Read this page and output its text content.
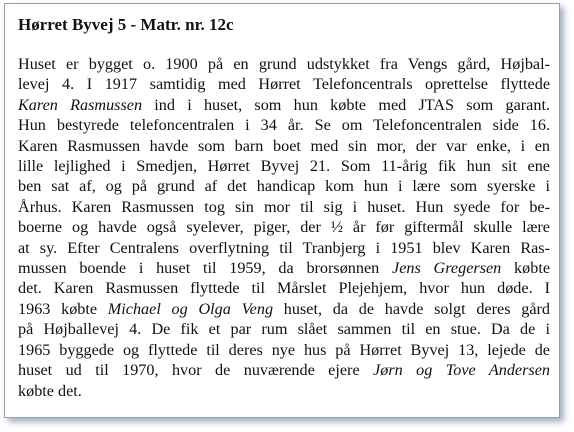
Hørret Byvej 5 - Matr. nr. 12c
Huset er bygget o. 1900 på en grund udstykket fra Vengs gård, Højbal-
levej 4. I 1917 samtidig med Hørret Telefoncentrals oprettelse flyttede
Karen Rasmussen ind i huset, som hun købte med JTAS som garant.
Hun bestyrede telefoncentralen i 34 år. Se om Telefoncentralen side 16.
Karen Rasmussen havde som barn boet med sin mor, der var enke, i en
lille lejlighed i Smedjen, Hørret Byvej 21. Som 11-årig fik hun sit ene
ben sat af, og på grund af det handicap kom hun i lære som syerske i
Århus. Karen Rasmussen tog sin mor til sig i huset. Hun syede for be-
boerne og havde også syelever, piger, der ½ år før giftermål skulle lære
at sy. Efter Centralens overflytning til Tranbjerg i 1951 blev Karen Ras-
mussen boende i huset til 1959, da brorsønnen Jens Gregersen købte
det. Karen Rasmussen flyttede til Mårslet Plejehjem, hvor hun døde. I
1963 købte Michael og Olga Veng huset, da de havde solgt deres gård
på Højballevej 4. De fik et par rum slået sammen til en stue. Da de i
1965 byggede og flyttede til deres nye hus på Hørret Byvej 13, lejede de
huset ud til 1970, hvor de nuværende ejere Jørn og Tove Andersen
købte det.
